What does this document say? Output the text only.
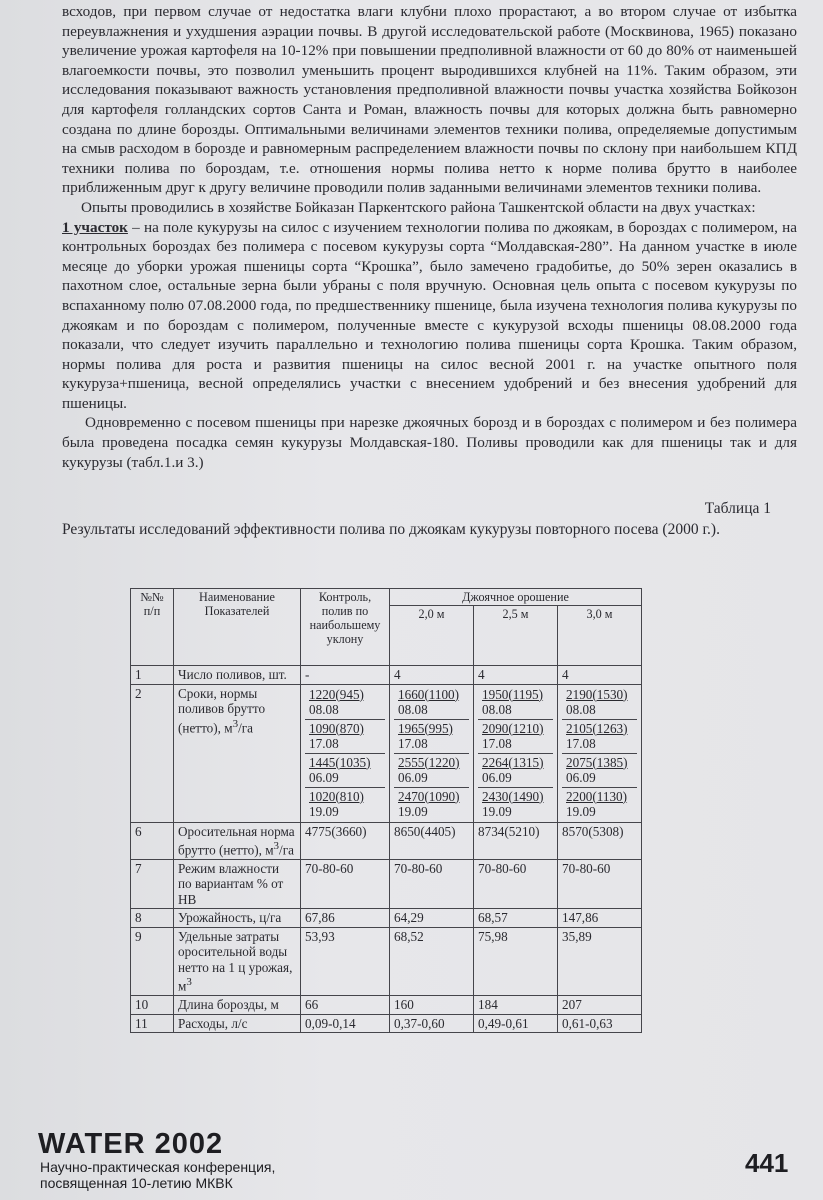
всходов, при первом случае от недостатка влаги клубни плохо прорастают, а во втором случае от избытка переувлажнения и ухудшения аэрации почвы. В другой исследовательской работе (Москвинова, 1965) показано увеличение урожая картофеля на 10-12% при повышении предполивной влажности от 60 до 80% от наименьшей влагоемкости почвы, это позволил уменьшить процент выродившихся клубней на 11%. Таким образом, эти исследования показывают важность установления предполивной влажности почвы участка хозяйства Бойкозон для картофеля голландских сортов Санта и Роман, влажность почвы для которых должна быть равномерно создана по длине борозды. Оптимальными величинами элементов техники полива, определяемые допустимым на смыв расходом в борозде и равномерным распределением влажности почвы по склону при наибольшем КПД техники полива по бороздам, т.е. отношения нормы полива нетто к норме полива брутто в наиболее приближенным друг к другу величине проводили полив заданными величинами элементов техники полива.

Опыты проводились в хозяйстве Бойказан Паркентского района Ташкентской области на двух участках:

1 участок – на поле кукурузы на силос с изучением технологии полива по джоякам, в бороздах с полимером, на контрольных бороздах без полимера с посевом кукурузы сорта “Молдавская-280”. На данном участке в июле месяце до уборки урожая пшеницы сорта “Крошка”, было замечено градобитье, до 50% зерен оказались в пахотном слое, остальные зерна были убраны с поля вручную. Основная цель опыта с посевом кукурузы по вспаханному полю 07.08.2000 года, по предшественнику пшенице, была изучена технология полива кукурузы по джоякам и по бороздам с полимером, полученные вместе с кукурузой всходы пшеницы 08.08.2000 года показали, что следует изучить параллельно и технологию полива пшеницы сорта Крошка. Таким образом, нормы полива для роста и развития пшеницы на силос весной 2001 г. на участке опытного поля кукуруза+пшеница, весной определялись участки с внесением удобрений и без внесения удобрений для пшеницы.

Одновременно с посевом пшеницы при нарезке джоячных борозд и в бороздах с полимером и без полимера была проведена посадка семян кукурузы Молдавская-180. Поливы проводили как для пшеницы так и для кукурузы (табл.1.и 3.)

Таблица 1
Результаты исследований эффективности полива по джоякам кукурузы повторного посева (2000 г.).
№№ п/п	Наименование Показателей	Контроль, полив по наибольшему уклону	Джоячное орошение
2,0 м	2,5 м	3,0 м
1	Число поливов, шт.	-	4	4	4
2	Сроки, нормы поливов брутто (нетто), $м^3/га$	
1220(945)
08.08
1090(870)
17.08
1445(1035)
06.09
1020(810)
19.09

1660(1100)
08.08
1965(995)
17.08
2555(1220)
06.09
2470(1090)
19.09

1950(1195)
08.08
2090(1210)
17.08
2264(1315)
06.09
2430(1490)
19.09

2190(1530)
08.08
2105(1263)
17.08
2075(1385)
06.09
2200(1130)
19.09

6	Оросительная норма брутто (нетто), $м^3/га$	4775(3660)	8650(4405)	8734(5210)	8570(5308)
7	Режим влажности по вариантам % от НВ	70-80-60	70-80-60	70-80-60	70-80-60
8	Урожайность, ц/га	67,86	64,29	68,57	147,86
9	Удельные затраты оросительной воды нетто на 1 ц урожая, $м^3$	53,93	68,52	75,98	35,89
10	Длина борозды, м	66	160	184	207
11	Расходы, л/с	0,09-0,14	0,37-0,60	0,49-0,61	0,61-0,63
WATER 2002
Научно-практическая конференция,
посвященная 10-летию МКВК
441
